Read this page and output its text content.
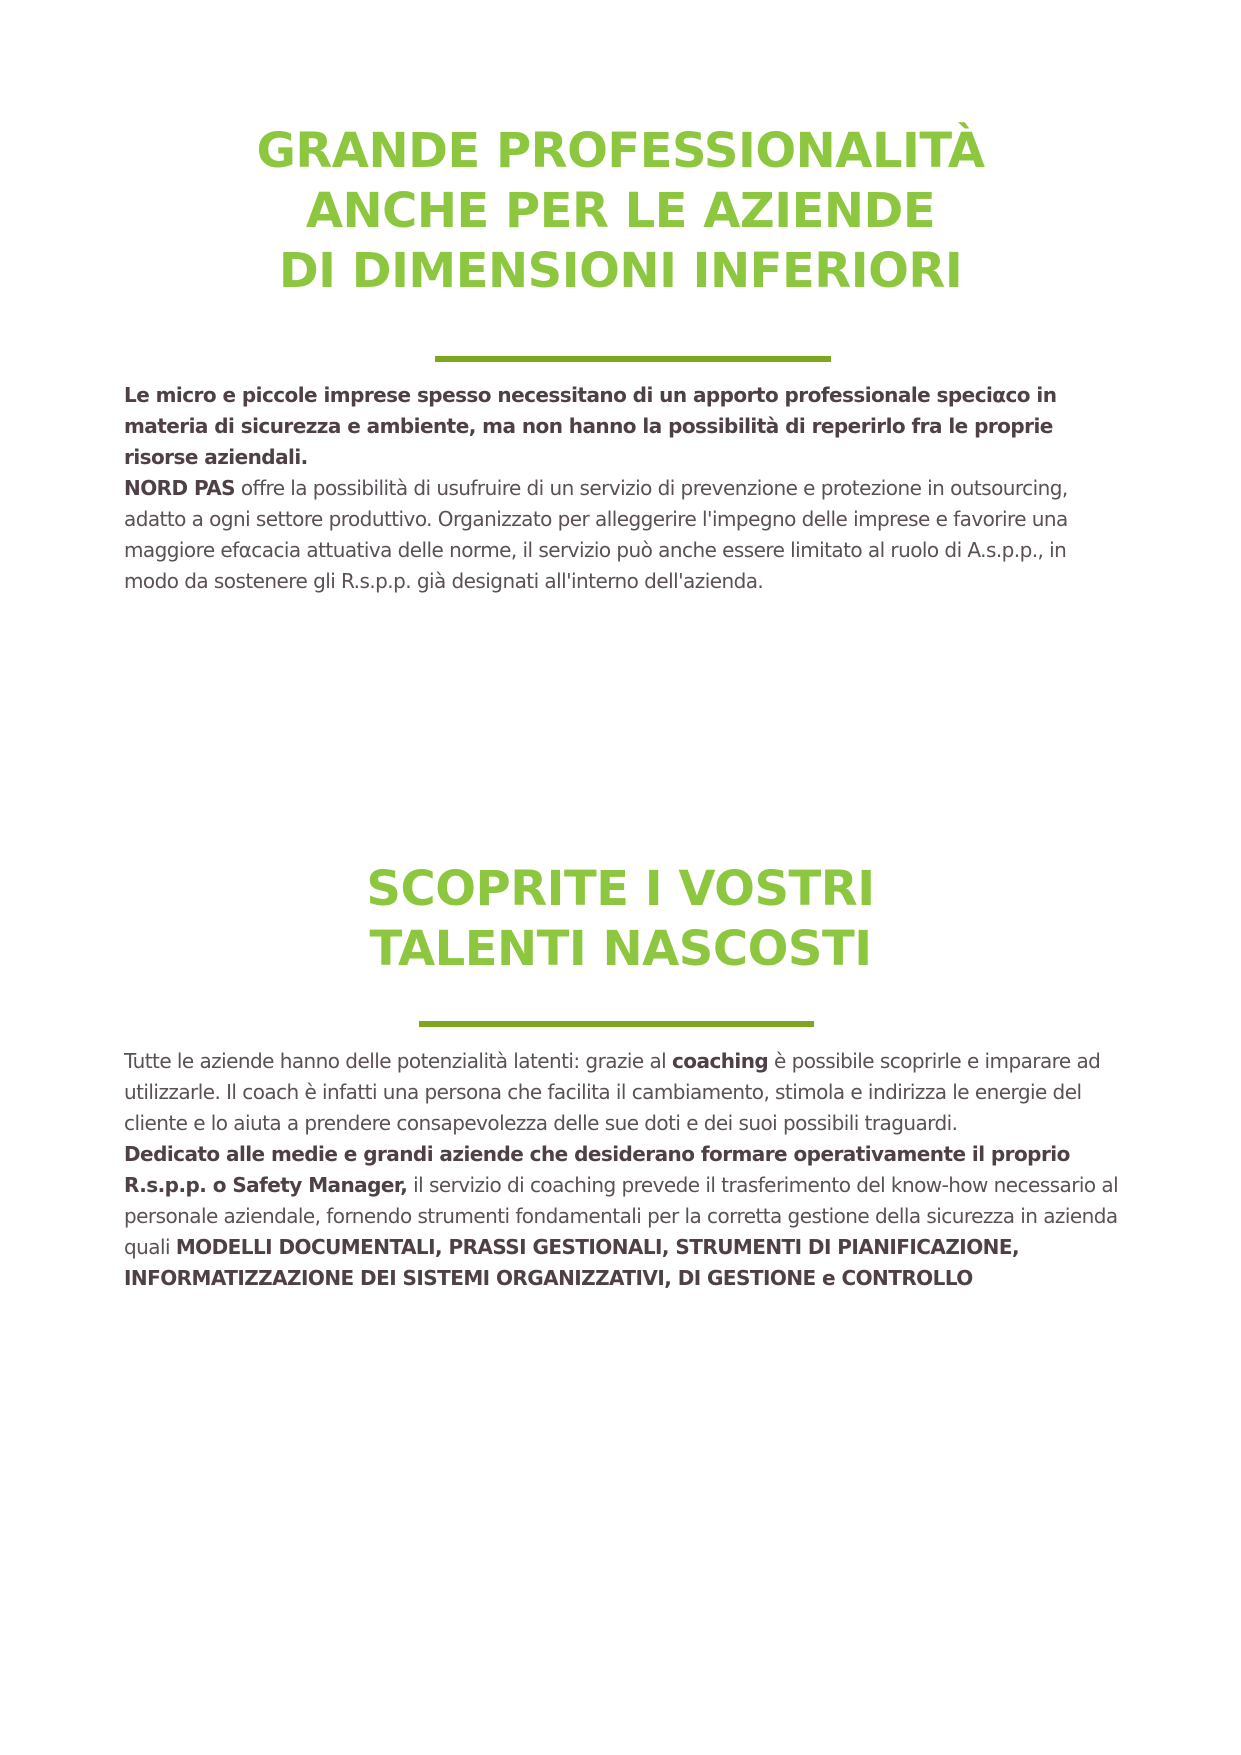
GRANDE PROFESSIONALITÀ
ANCHE PER LE AZIENDE
DI DIMENSIONI INFERIORI

Le micro e piccole imprese spesso necessitano di un apporto professionale speciαco in materia di sicurezza e ambiente, ma non hanno la possibilità di reperirlo fra le proprie risorse aziendali.

NORD PAS offre la possibilità di usufruire di un servizio di prevenzione e protezione in outsourcing, adatto a ogni settore produttivo. Organizzato per alleggerire l'impegno delle imprese e favorire una maggiore efαcacia attuativa delle norme, il servizio può anche essere limitato al ruolo di A.s.p.p., in modo da sostenere gli R.s.p.p. già designati all'interno dell'azienda.

SCOPRITE I VOSTRI
TALENTI NASCOSTI

Tutte le aziende hanno delle potenzialità latenti: grazie al coaching è possibile scoprirle e imparare ad utilizzarle. Il coach è infatti una persona che facilita il cambiamento, stimola e indirizza le energie del cliente e lo aiuta a prendere consapevolezza delle sue doti e dei suoi possibili traguardi.

Dedicato alle medie e grandi aziende che desiderano formare operativamente il proprio R.s.p.p. o Safety Manager, il servizio di coaching prevede il trasferimento del know-how necessario al personale aziendale, fornendo strumenti fondamentali per la corretta gestione della sicurezza in azienda quali MODELLI DOCUMENTALI, PRASSI GESTIONALI, STRUMENTI DI PIANIFICAZIONE, INFORMATIZZAZIONE DEI SISTEMI ORGANIZZATIVI, DI GESTIONE e CONTROLLO
